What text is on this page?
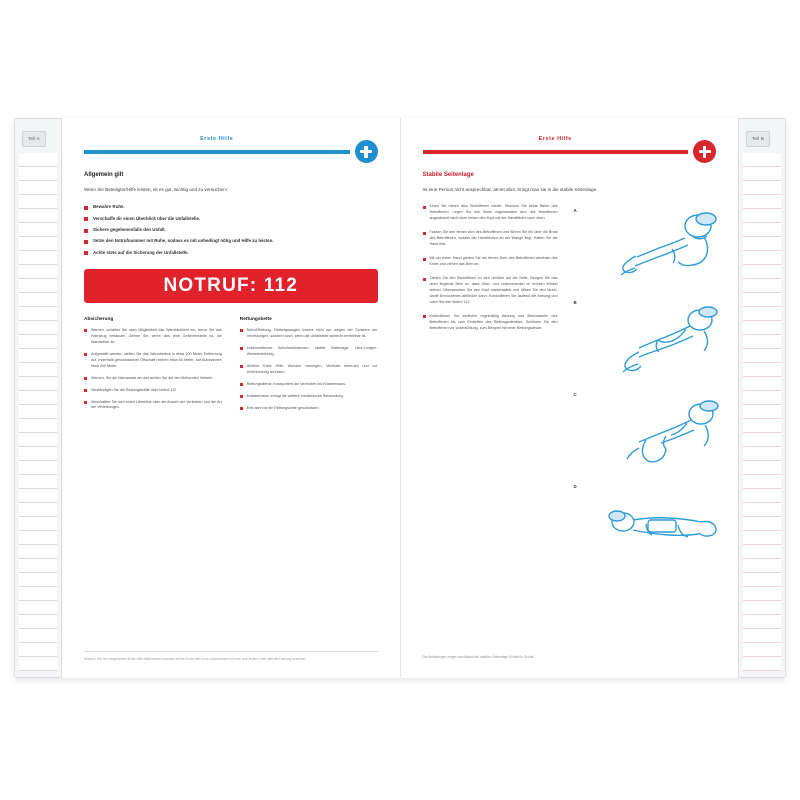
Teil A	Erste Hilfe
Allgemein gilt

Wenn Sie Beteiligter/Hilfe leisten, ist es gut, wichtig und zu versuchen!

Bewahre Ruhe.
Verschaffe dir einen Überblick über die Unfallstelle.
Sichere gegebenenfalls den Unfall.
Setze den Notrufnummer mit Ruhe, sodass es mit unbedingt nötig und Hilfe zu leisten.
Achte stets auf die Sicherung der Unfallstelle.
NOTRUF: 112
Absicherung
Warnen, schalten Sie nach Möglichkeit das Warnblinklicht ein, bevor Sie das Fahrzeug verlassen. Ziehen Sie, wenn dies eine Gefahrenstelle ist, die Warnweste an.
Aufgestellt werden, stellen Sie das Warndreieck in etwa 100 Meter Entfernung auf. Innerhalb geschlossener Ortschaft reichen etwa 50 Meter, auf Autobahnen etwa 200 Meter.
Warnen, Sie die Warnweste an und achten Sie auf den fließenden Verkehr.
Verständigen Sie die Rettungskräfte über Notruf 112.
Verschaffen Sie sich einen Überblick über die Anzahl der Verletzten und die Art der Verletzungen.
Rettungskette
Notruf/Rettung, Rettungswagen kommt nicht nur wegen der Schwere der Verletzungen, sondern auch, wenn die Unfallstelle schlecht erreichbar ist.
Lebensrettende Sofortmaßnahmen: stabile Seitenlage, Herz-Lungen-Wiederbelebung.
Weitere Erste Hilfe: Wunden versorgen, Verletzte betreuen und vor Unterkühlung schützen.
Rettungsdienst: transportiert die Verletzten ins Krankenhaus.
Krankenhaus: erfolgt die weitere medizinische Behandlung.
Erst dann ist die Rettungskette geschlossen.
Hinweis: Die hier dargestellten Erste-Hilfe-Maßnahmen ersetzen keinen Erste-Hilfe-Kurs. Informationen können sich ändern, bitte aktuelle Fassung beachten.
Erste Hilfe
Stabile Seitenlage

Ist eine Person nicht ansprechbar, atmet aber, bringt man sie in die stabile Seitenlage.

Knien Sie neben dem Betroffenen nieder. Strecken Sie beide Beine des Betroffenen. Legen Sie den ihnen zugewandten Arm des Betroffenen angewinkelt nach oben neben den Kopf mit der Handfläche nach oben.
Fassen Sie den fernen Arm des Betroffenen und führen Sie ihn über die Brust des Betroffenen, sodass der Handrücken an der Wange liegt. Halten Sie die Hand fest.
Mit der freien Hand greifen Sie am fernen Bein des Betroffenen oberhalb des Knies und ziehen das Bein an.
Ziehen Sie den Betroffenen zu sich herüber auf die Seite. Beugen Sie das oben liegende Bein so, dass Ober- und Unterschenkel im rechten Winkel stehen. Überstrecken Sie den Kopf nackenwärts und öffnen Sie den Mund, damit Erbrochenes abfließen kann. Kontrollieren Sie laufend die Atmung und rufen Sie den Notruf 112.
Kontrollieren Sie weiterhin regelmäßig Atmung und Bewusstsein des Betroffenen bis zum Eintreffen des Rettungsdienstes. Schützen Sie den Betroffenen vor Unterkühlung, zum Beispiel mit einer Rettungsdecke.
A
B
C
D
Die Abbildungen zeigen den Ablauf der stabilen Seitenlage Schritt für Schritt.
Teil B
